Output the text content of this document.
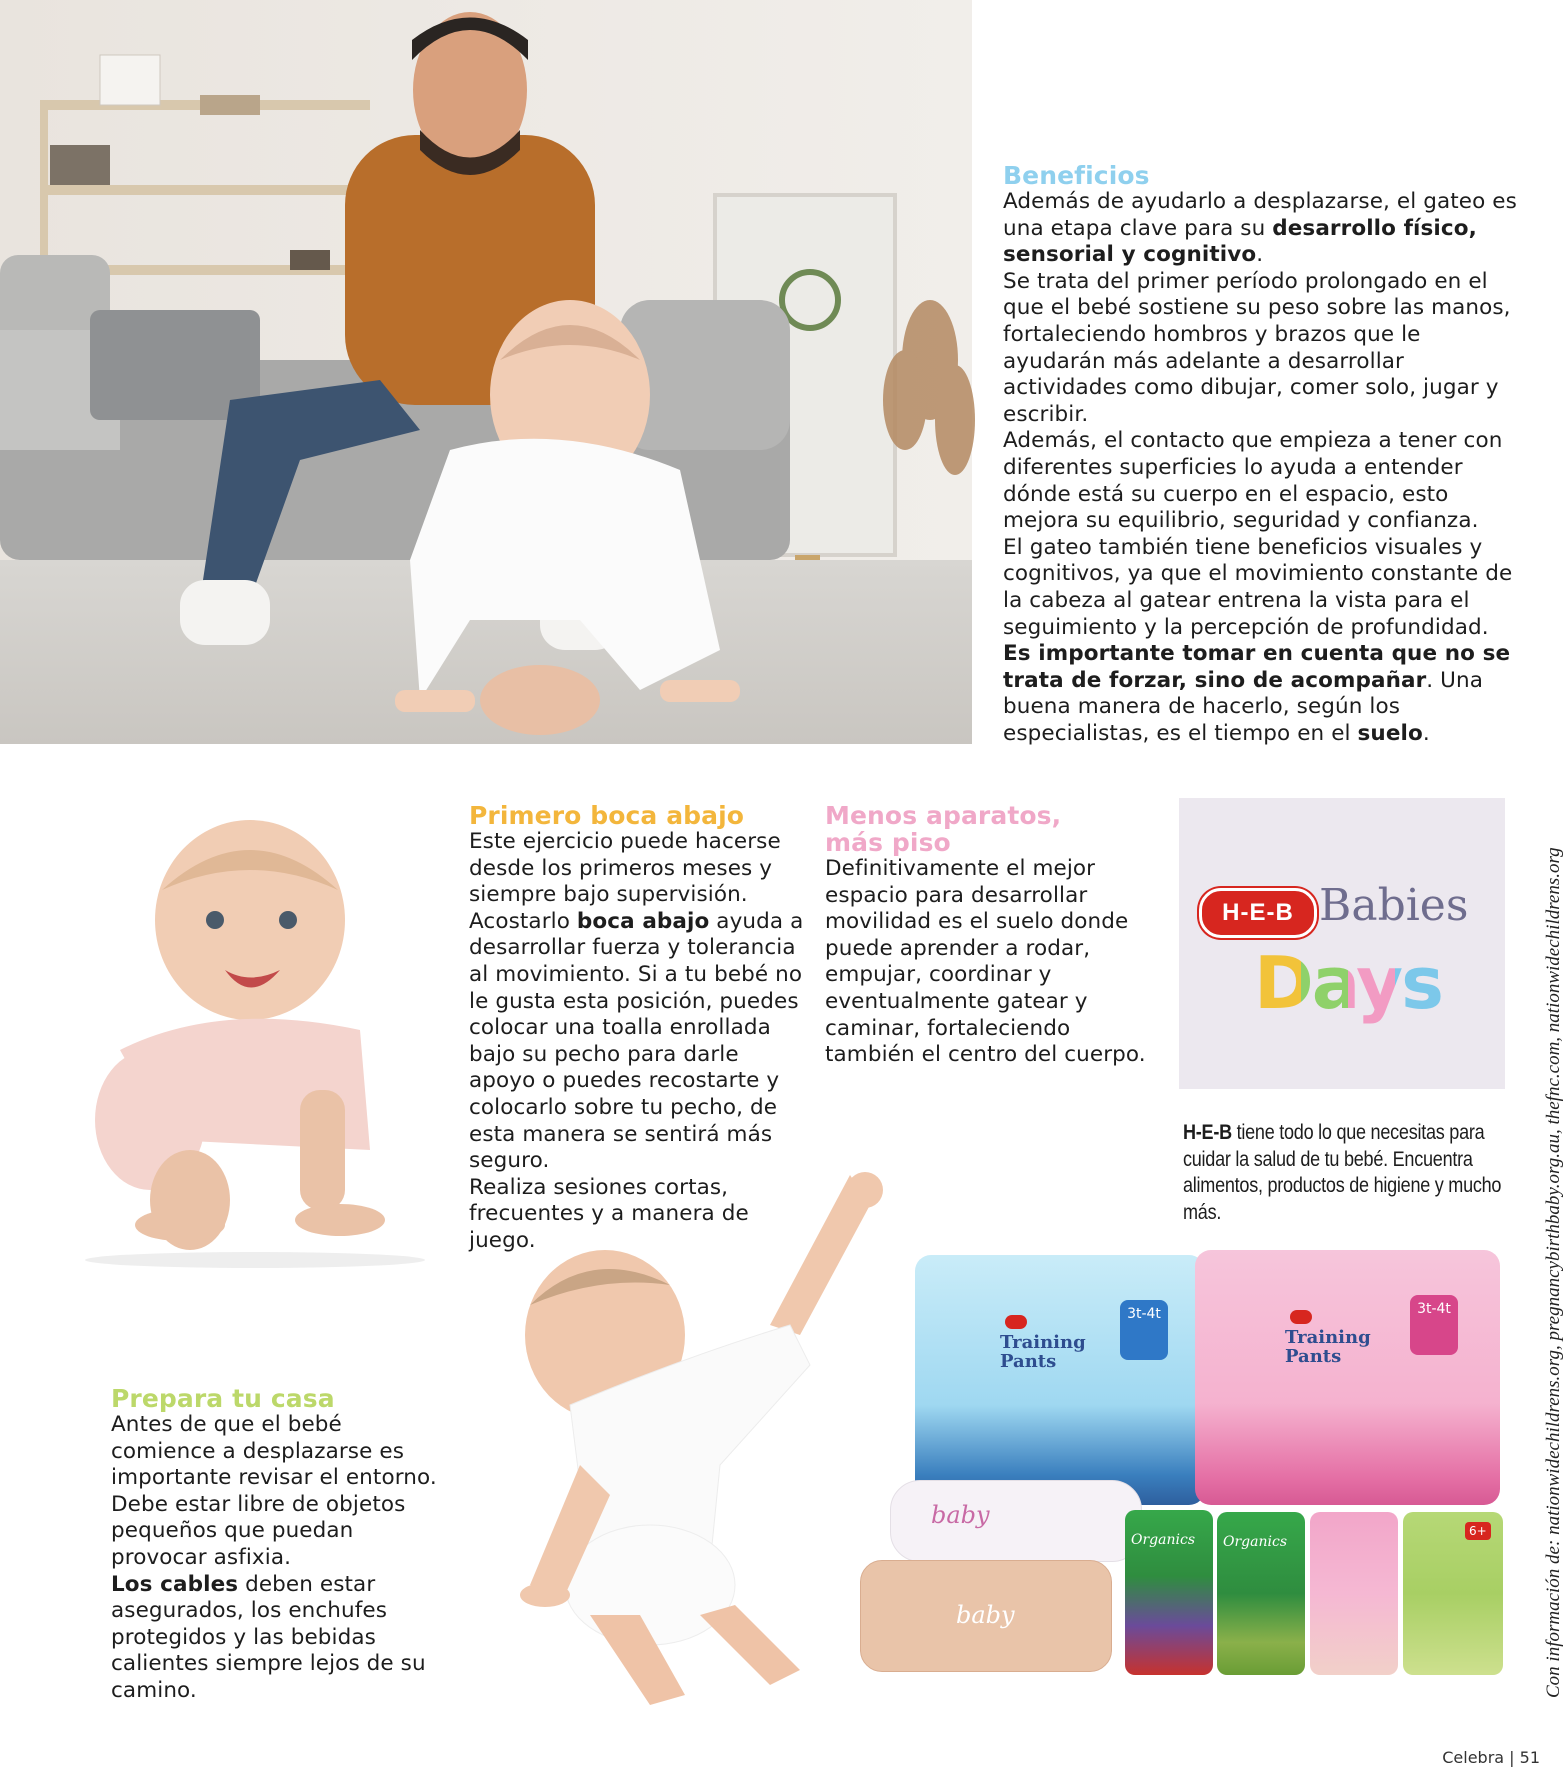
Beneficios

Además de ayudarlo a desplazarse, el gateo es una etapa clave para su desarrollo físico, sensorial y cognitivo.

Se trata del primer período prolongado en el que el bebé sostiene su peso sobre las manos, fortaleciendo hombros y brazos que le ayudarán más adelante a desarrollar actividades como dibujar, comer solo, jugar y escribir.

Además, el contacto que empieza a tener con diferentes superficies lo ayuda a entender dónde está su cuerpo en el espacio, esto mejora su equilibrio, seguridad y confianza.

El gateo también tiene beneficios visuales y cognitivos, ya que el movimiento constante de la cabeza al gatear entrena la vista para el seguimiento y la percepción de profundidad.

Es importante tomar en cuenta que no se trata de forzar, sino de acompañar. Una buena manera de hacerlo, según los especialistas, es el tiempo en el suelo.

Primero boca abajo

Este ejercicio puede hacerse desde los primeros meses y siempre bajo supervisión. Acostarlo boca abajo ayuda a desarrollar fuerza y tolerancia al movimiento. Si a tu bebé no le gusta esta posición, puedes colocar una toalla enrollada bajo su pecho para darle apoyo o puedes recostarte y colocarlo sobre tu pecho, de esta manera se sentirá más seguro.

Realiza sesiones cortas, frecuentes y a manera de juego.

Menos aparatos,
más piso

Definitivamente el mejor espacio para desarrollar movilidad es el suelo donde puede aprender a rodar, empujar, coordinar y eventualmente gatear y caminar, fortaleciendo también el centro del cuerpo.

H-E-B Babies
Days
H-E-B tiene todo lo que necesitas para cuidar la salud de tu bebé. Encuentra alimentos, productos de higiene y mucho más.
Prepara tu casa

Antes de que el bebé comience a desplazarse es importante revisar el entorno. Debe estar libre de objetos pequeños que puedan provocar asfixia.

Los cables deben estar asegurados, los enchufes protegidos y las bebidas calientes siempre lejos de su camino.

Training Pants
3t-4t
Training Pants
3t-4t
baby
baby
Organics Organics
6+	Con información de: nationwidechildrens.org, pregnancybirthbaby.org.au, thefnc.com, nationwidechildrens.org
Celebra | 51
